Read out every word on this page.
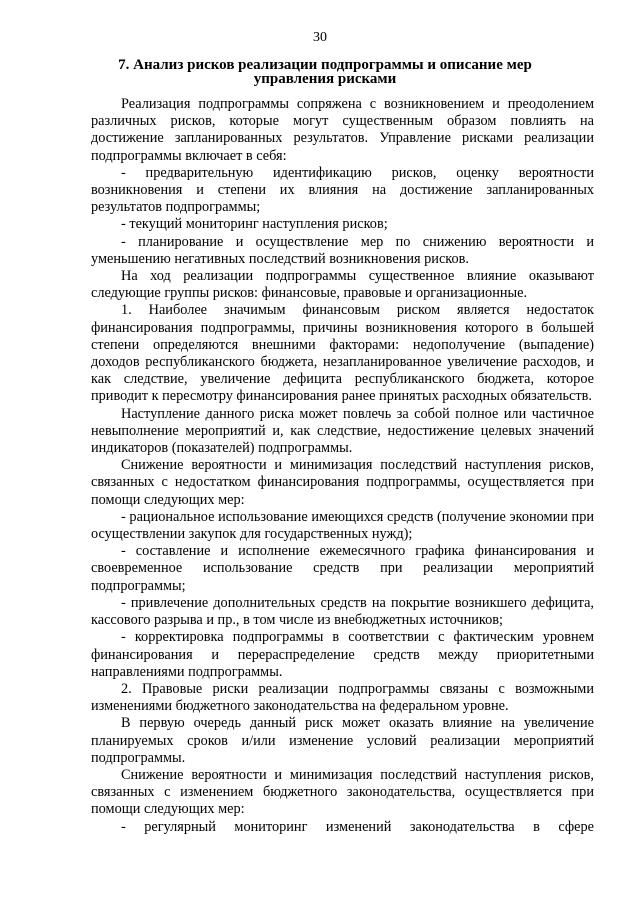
30
7. Анализ рисков реализации подпрограммы и описание мер управления рисками

Реализация подпрограммы сопряжена с возникновением и преодолением различных рисков, которые могут существенным образом повлиять на достижение запланированных результатов. Управление рисками реализации подпрограммы включает в себя:

- предварительную идентификацию рисков, оценку вероятности возникновения и степени их влияния на достижение запланированных результатов подпрограммы;

- текущий мониторинг наступления рисков;

- планирование и осуществление мер по снижению вероятности и уменьшению негативных последствий возникновения рисков.

На ход реализации подпрограммы существенное влияние оказывают следующие группы рисков: финансовые, правовые и организационные.

1. Наиболее значимым финансовым риском является недостаток финансирования подпрограммы, причины возникновения которого в большей степени определяются внешними факторами: недополучение (выпадение) доходов республиканского бюджета, незапланированное увеличение расходов, и как следствие, увеличение дефицита республиканского бюджета, которое приводит к пересмотру финансирования ранее принятых расходных обязательств.

Наступление данного риска может повлечь за собой полное или частичное невыполнение мероприятий и, как следствие, недостижение целевых значений индикаторов (показателей) подпрограммы.

Снижение вероятности и минимизация последствий наступления рисков, связанных с недостатком финансирования подпрограммы, осуществляется при помощи следующих мер:

- рациональное использование имеющихся средств (получение экономии при осуществлении закупок для государственных нужд);

- составление и исполнение ежемесячного графика финансирования и своевременное использование средств при реализации мероприятий подпрограммы;

- привлечение дополнительных средств на покрытие возникшего дефицита, кассового разрыва и пр., в том числе из внебюджетных источников;

- корректировка подпрограммы в соответствии с фактическим уровнем финансирования и перераспределение средств между приоритетными направлениями подпрограммы.

2. Правовые риски реализации подпрограммы связаны с возможными изменениями бюджетного законодательства на федеральном уровне.

В первую очередь данный риск может оказать влияние на увеличение планируемых сроков и/или изменение условий реализации мероприятий подпрограммы.

Снижение вероятности и минимизация последствий наступления рисков, связанных с изменением бюджетного законодательства, осуществляется при помощи следующих мер:

- регулярный мониторинг изменений законодательства в сфере
